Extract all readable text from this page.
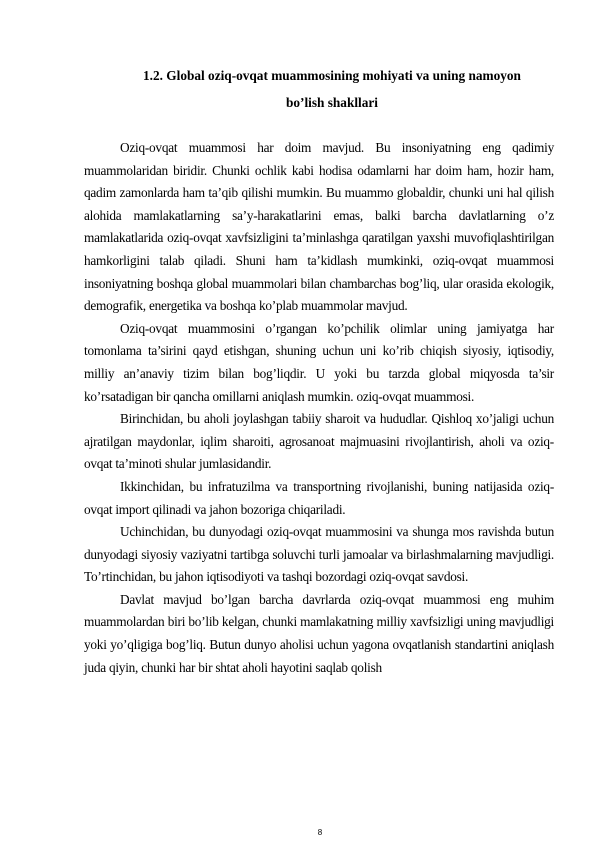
1.2. Global oziq-ovqat muammosining mohiyati va uning namoyon
bo’lish shakllari

Oziq-ovqat muammosi har doim mavjud. Bu insoniyatning eng qadimiy muammolaridan biridir. Chunki ochlik kabi hodisa odamlarni har doim ham, hozir ham, qadim zamonlarda ham ta’qib qilishi mumkin. Bu muammo globaldir, chunki uni hal qilish alohida mamlakatlarning sa’y-harakatlarini emas, balki barcha davlatlarning o’z mamlakatlarida oziq-ovqat xavfsizligini ta’minlashga qaratilgan yaxshi muvofiqlashtirilgan hamkorligini talab qiladi. Shuni ham ta’kidlash mumkinki, oziq-ovqat muammosi insoniyatning boshqa global muammolari bilan chambarchas bog’liq, ular orasida ekologik, demografik, energetika va boshqa ko’plab muammolar mavjud.

Oziq-ovqat muammosini o’rgangan ko’pchilik olimlar uning jamiyatga har tomonlama ta’sirini qayd etishgan, shuning uchun uni ko’rib chiqish siyosiy, iqtisodiy, milliy an’anaviy tizim bilan bog’liqdir. U yoki bu tarzda global miqyosda ta’sir ko’rsatadigan bir qancha omillarni aniqlash mumkin. oziq-ovqat muammosi.

Birinchidan, bu aholi joylashgan tabiiy sharoit va hududlar. Qishloq xo’jaligi uchun ajratilgan maydonlar, iqlim sharoiti, agrosanoat majmuasini rivojlantirish, aholi va oziq-ovqat ta’minoti shular jumlasidandir.

Ikkinchidan, bu infratuzilma va transportning rivojlanishi, buning natijasida oziq-ovqat import qilinadi va jahon bozoriga chiqariladi.

Uchinchidan, bu dunyodagi oziq-ovqat muammosini va shunga mos ravishda butun dunyodagi siyosiy vaziyatni tartibga soluvchi turli jamoalar va birlashmalarning mavjudligi. To’rtinchidan, bu jahon iqtisodiyoti va tashqi bozordagi oziq-ovqat savdosi.

Davlat mavjud bo’lgan barcha davrlarda oziq-ovqat muammosi eng muhim muammolardan biri bo’lib kelgan, chunki mamlakatning milliy xavfsizligi uning mavjudligi yoki yo’qligiga bog’liq. Butun dunyo aholisi uchun yagona ovqatlanish standartini aniqlash juda qiyin, chunki har bir shtat aholi hayotini saqlab qolish

8
